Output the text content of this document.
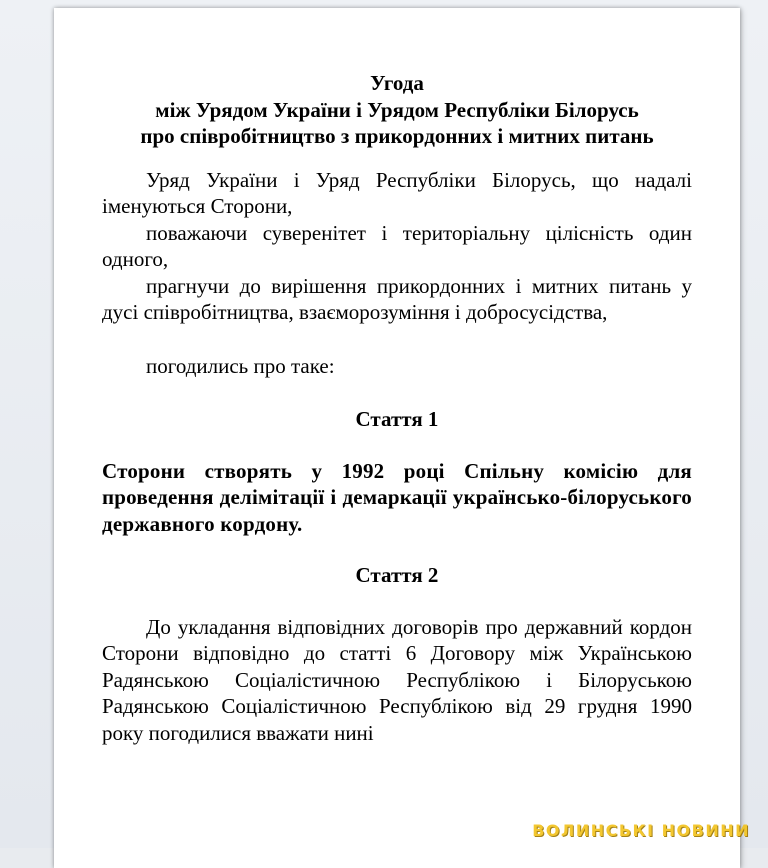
Угода
між Урядом України і Урядом Республіки Білорусь
про співробітництво з прикордонних і митних питань

Уряд України і Уряд Республіки Білорусь, що надалі іменуються Сторони,

поважаючи суверенітет і територіальну цілісність один одного,

прагнучи до вирішення прикордонних і митних питань у дусі співробітництва, взаєморозуміння і добросусідства,

погодились про таке:

Стаття 1

Сторони створять у 1992 році Спільну комісію для проведення делімітації і демаркації українсько-білоруського державного кордону.

Стаття 2

До укладання відповідних договорів про державний кордон Сторони відповідно до статті 6 Договору між Українською Радянською Соціалістичною Республікою і Білоруською Радянською Соціалістичною Республікою від 29 грудня 1990 року погодилися вважати нині

ВОЛИНСЬКІ НОВИНИ
